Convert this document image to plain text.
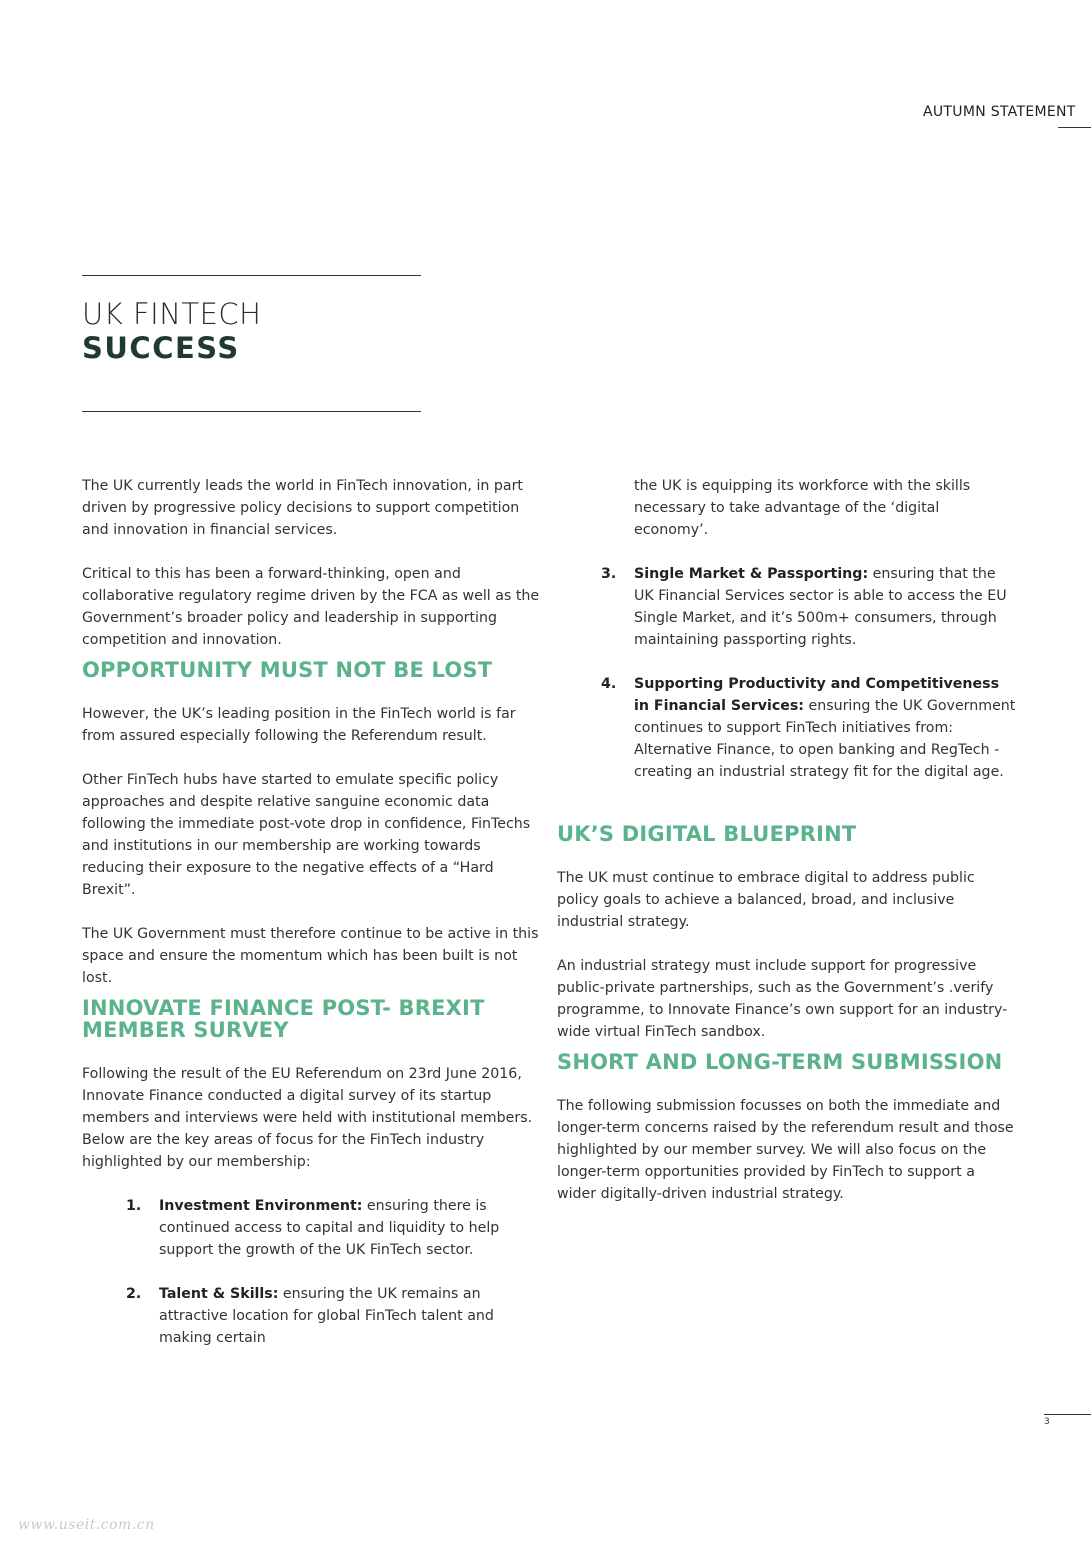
AUTUMN STATEMENT
UK FINTECH
SUCCESS

The UK currently leads the world in FinTech innovation, in part driven by progressive policy decisions to support competition and innovation in financial services.

Critical to this has been a forward-thinking, open and collaborative regulatory regime driven by the FCA as well as the Government’s broader policy and leadership in supporting competition and innovation.

OPPORTUNITY MUST NOT BE LOST

However, the UK’s leading position in the FinTech world is far from assured especially following the Referendum result.

Other FinTech hubs have started to emulate specific policy approaches and despite relative sanguine economic data following the immediate post-vote drop in confidence, FinTechs and institutions in our membership are working towards reducing their exposure to the negative effects of a “Hard Brexit”.

The UK Government must therefore continue to be active in this space and ensure the momentum which has been built is not lost.

INNOVATE FINANCE POST- BREXIT MEMBER SURVEY

Following the result of the EU Referendum on 23rd June 2016, Innovate Finance conducted a digital survey of its startup members and interviews were held with institutional members. Below are the key areas of focus for the FinTech industry highlighted by our membership:

1. Investment Environment: ensuring there is continued access to capital and liquidity to help support the growth of the UK FinTech sector.
2. Talent & Skills: ensuring the UK remains an attractive location for global FinTech talent and making certain
the UK is equipping its workforce with the skills necessary to take advantage of the ‘digital economy’.
3. Single Market & Passporting: ensuring that the UK Financial Services sector is able to access the EU Single Market, and it’s 500m+ consumers, through maintaining passporting rights.
4. Supporting Productivity and Competitiveness in Financial Services: ensuring the UK Government continues to support FinTech initiatives from: Alternative Finance, to open banking and RegTech - creating an industrial strategy fit for the digital age.
UK’S DIGITAL BLUEPRINT

The UK must continue to embrace digital to address public policy goals to achieve a balanced, broad, and inclusive industrial strategy.

An industrial strategy must include support for progressive public-private partnerships, such as the Government’s .verify programme, to Innovate Finance’s own support for an industry-wide virtual FinTech sandbox.

SHORT AND LONG-TERM SUBMISSION

The following submission focusses on both the immediate and longer-term concerns raised by the referendum result and those highlighted by our member survey. We will also focus on the longer-term opportunities provided by FinTech to support a wider digitally-driven industrial strategy.

3
www.useit.com.cn
